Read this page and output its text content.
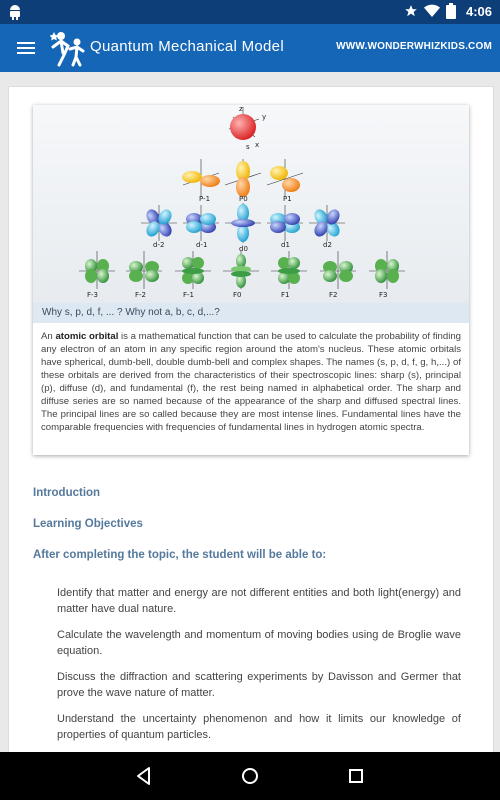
4:06
Quantum Mechanical Model	WWW.WONDERWHIZKIDS.COM
z
y
x
s
P-1	P0	P1
d-2	d-1	d0	d1	d2
F-3	F-2	F-1	F0	F1	F2	F3
Why s, p, d, f, ... ? Why not a, b, c, d,...?

An atomic orbital is a mathematical function that can be used to calculate the probability of finding any electron of an atom in any specific region around the atom's nucleus. These atomic orbitals have spherical, dumb-bell, double dumb-bell and complex shapes. The names (s, p, d, f, g, h,...) of these orbitals are derived from the characteristics of their spectroscopic lines: sharp (s), principal (p), diffuse (d), and fundamental (f), the rest being named in alphabetical order. The sharp and diffuse series are so named because of the appearance of the sharp and diffused spectral lines. The principal lines are so called because they are most intense lines. Fundamental lines have the comparable frequencies with frequencies of fundamental lines in hydrogen atomic spectra.

Introduction
Learning Objectives
After completing the topic, the student will be able to:
Identify that matter and energy are not different entities and both light(energy) and matter have dual nature.
Calculate the wavelength and momentum of moving bodies using de Broglie wave equation.
Discuss the diffraction and scattering experiments by Davisson and Germer that prove the wave nature of matter.
Understand the uncertainty phenomenon and how it limits our knowledge of properties of quantum particles.
